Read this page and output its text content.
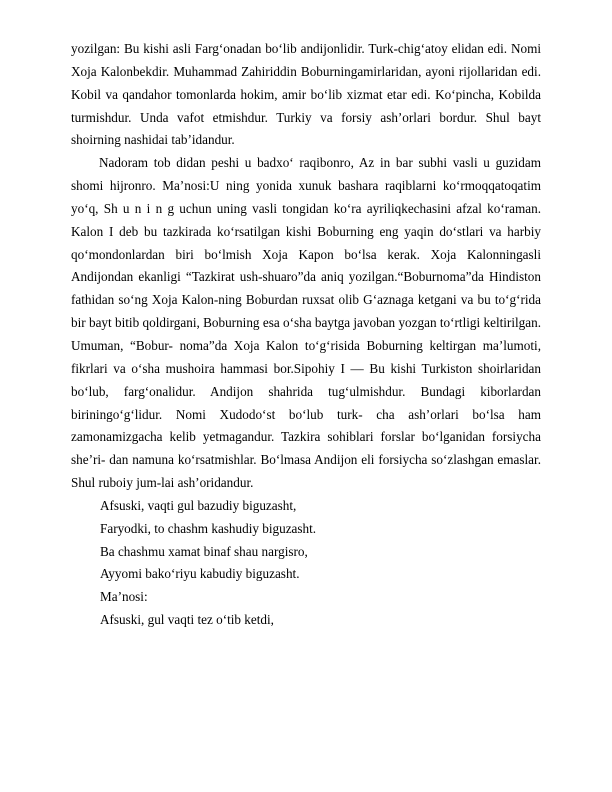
yozilgan: Bu kishi asli Fargʻonadan boʻlib andijonlidir. Turk-chigʻatoy elidan edi. Nomi Xoja Kalonbekdir. Muhammad Zahiriddin Boburningamirlaridan, ayoni rijollaridan edi. Kobil va qandahor tomonlarda hokim, amir boʻlib xizmat etar edi. Koʻpincha, Kobilda turmishdur. Unda vafot etmishdur. Turkiy va forsiy ashʼorlari bordur. Shul bayt shoirning nashidai tabʼidandur.

Nadoram tob didan peshi u badxoʻ raqibonro, Az in bar subhi vasli u guzidam shomi hijronro. Maʼnosi:U ning yonida xunuk bashara raqiblarni koʻrmoqqatoqatim yoʻq, Sh u n i n g uchun uning vasli tongidan koʻra ayriliqkechasini afzal koʻraman. Kalon I deb bu tazkirada koʻrsatilgan kishi Boburning eng yaqin doʻstlari va harbiy qoʻmondonlardan biri boʻlmish Xoja Kapon boʻlsa kerak. Xoja Kalonningasli Andijondan ekanligi “Tazkirat ush-shuaro”da aniq yozilgan.“Boburnoma”da Hindiston fathidan soʻng Xoja Kalon-ning Boburdan ruxsat olib Gʻaznaga ketgani va bu toʻgʻrida bir bayt bitib qoldirgani, Boburning esa oʻsha baytga javoban yozgan toʻrtligi keltirilgan. Umuman, “Bobur- noma”da Xoja Kalon toʻgʻrisida Boburning keltirgan maʼlumoti, fikrlari va oʻsha mushoira hammasi bor.Sipohiy I — Bu kishi Turkiston shoirlaridan boʻlub, fargʻonalidur. Andijon shahrida tugʻulmishdur. Bundagi kiborlardan biriningoʻgʻlidur. Nomi Xudodoʻst boʻlub turk- cha ashʼorlari boʻlsa ham zamonamizgacha kelib yetmagandur. Tazkira sohiblari forslar boʻlganidan forsiycha sheʼri- dan namuna koʻrsatmishlar. Boʻlmasa Andijon eli forsiycha soʻzlashgan emaslar. Shul ruboiy jum-lai ashʼoridandur.

Afsuski, vaqti gul bazudiy biguzasht,

Faryodki, to chashm kashudiy biguzasht.

Ba chashmu xamat binaf shau nargisro,

Ayyomi bakoʻriyu kabudiy biguzasht.

Maʼnosi:

Afsuski, gul vaqti tez oʻtib ketdi,
